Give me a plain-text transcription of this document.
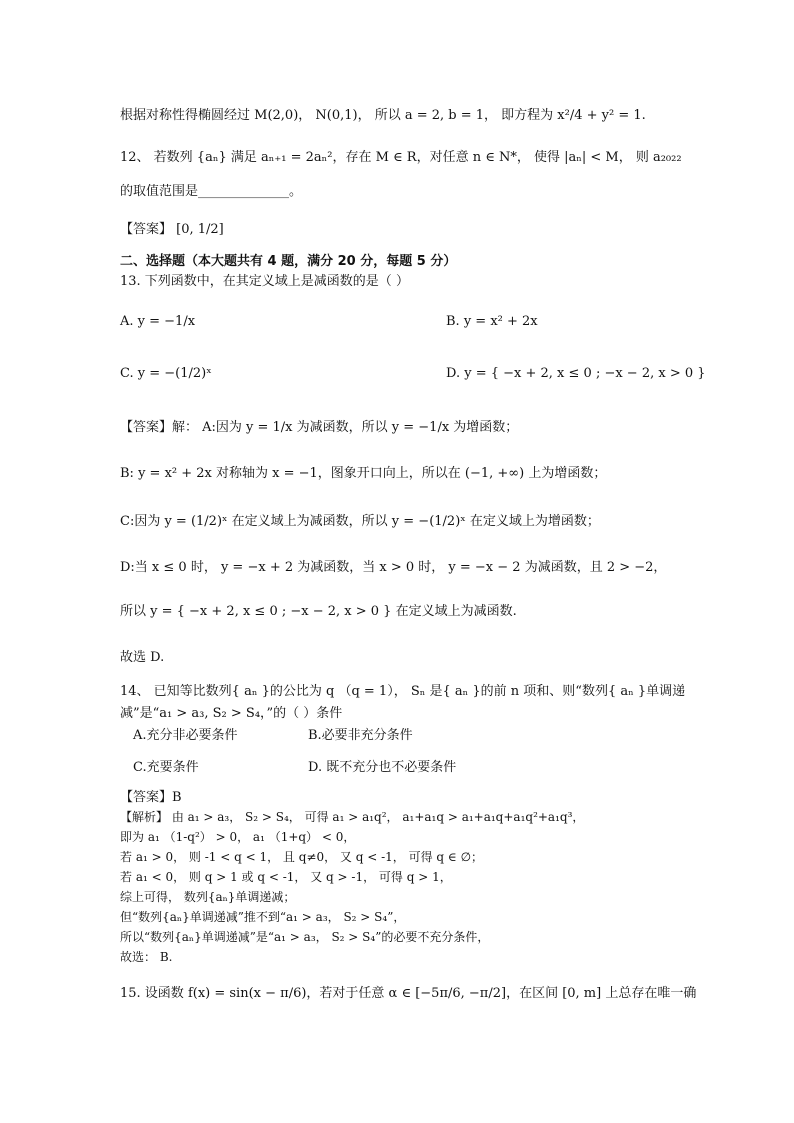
根据对称性得椭圆经过 M(2,0)， N(0,1)， 所以 a = 2, b = 1， 即方程为 x²/4 + y² = 1.
12、 若数列 {aₙ} 满足 aₙ₊₁ = 2aₙ²，存在 M ∈ R，对任意 n ∈ N*， 使得 |aₙ| < M， 则 a₂₀₂₂
的取值范围是______________。
【答案】 [0, 1/2]
二、选择题（本大题共有 4 题，满分 20 分，每题 5 分）
13. 下列函数中，在其定义域上是减函数的是（ ）
A. y = −1/x	B. y = x² + 2x
C. y = −(1/2)ˣ	D. y = { −x + 2, x ≤ 0 ; −x − 2, x > 0 }
【答案】解： A:因为 y = 1/x 为减函数，所以 y = −1/x 为增函数；
B: y = x² + 2x 对称轴为 x = −1，图象开口向上，所以在 (−1, +∞) 上为增函数；
C:因为 y = (1/2)ˣ 在定义域上为减函数，所以 y = −(1/2)ˣ 在定义域上为增函数；
D:当 x ≤ 0 时， y = −x + 2 为减函数，当 x > 0 时， y = −x − 2 为减函数，且 2 > −2，
所以 y = { −x + 2, x ≤ 0 ; −x − 2, x > 0 } 在定义域上为减函数.
故选 D.
14、 已知等比数列{ aₙ }的公比为 q （q = 1）， Sₙ 是{ aₙ }的前 n 项和、则“数列{ aₙ }单调递
减”是“a₁ > a₃, S₂ > S₄，”的（ ）条件
A.充分非必要条件	B.必要非充分条件
C.充要条件	D. 既不充分也不必要条件
【答案】B
【解析】 由 a₁ > a₃， S₂ > S₄， 可得 a₁ > a₁q²， a₁+a₁q > a₁+a₁q+a₁q²+a₁q³，
即为 a₁ （1-q²） > 0， a₁ （1+q） < 0，
若 a₁ > 0， 则 -1 < q < 1， 且 q≠0， 又 q < -1， 可得 q ∈ ∅；
若 a₁ < 0， 则 q > 1 或 q < -1， 又 q > -1， 可得 q > 1，
综上可得， 数列{aₙ}单调递减；
但“数列{aₙ}单调递减”推不到“a₁ > a₃， S₂ > S₄”，
所以“数列{aₙ}单调递减”是“a₁ > a₃， S₂ > S₄”的必要不充分条件，
故选： B.
15. 设函数 f(x) = sin(x − π/6)，若对于任意 α ∈ [−5π/6, −π/2]，在区间 [0, m] 上总存在唯一确
